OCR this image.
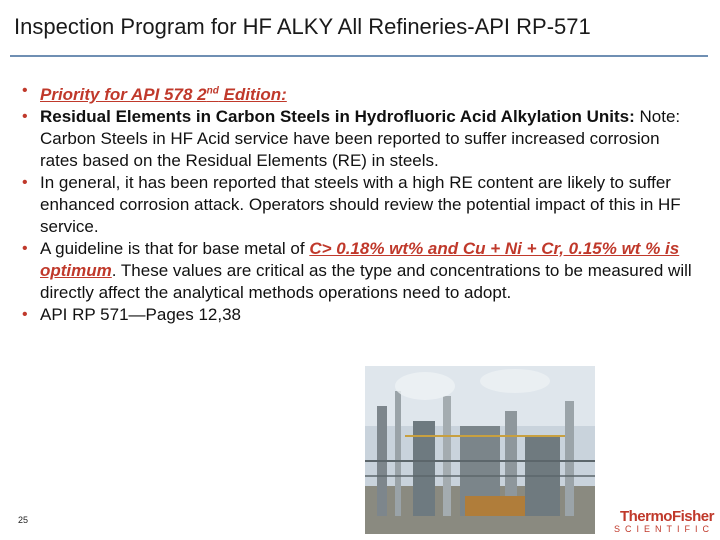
Inspection Program for HF ALKY All Refineries-API RP-571
• Priority for API 578 2nd Edition:
• Residual Elements in Carbon Steels in Hydrofluoric Acid Alkylation Units: Note: Carbon Steels in HF Acid service have been reported to suffer increased corrosion rates based on the Residual Elements (RE) in steels.
• In general, it has been reported that steels with a high RE content are likely to suffer enhanced corrosion attack. Operators should review the potential impact of this in HF service.
• A guideline is that for base metal of C> 0.18% wt% and Cu + Ni + Cr, 0.15% wt % is optimum. These values are critical as the type and concentrations to be measured will directly affect the analytical methods operations need to adopt.
• API RP 571—Pages 12,38
25	ThermoFisher
SCIENTIFIC
